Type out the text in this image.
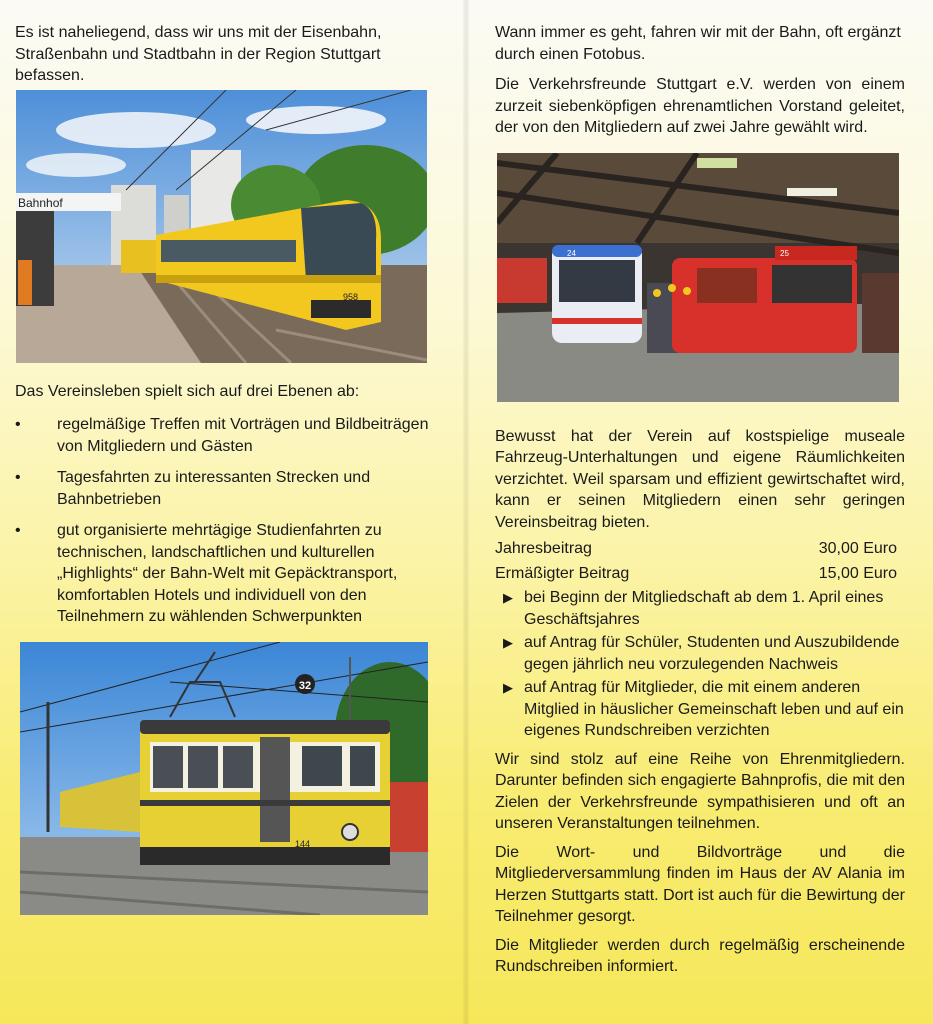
Es ist naheliegend, dass wir uns mit der Eisenbahn, Straßenbahn und Stadtbahn in der Region Stuttgart befassen.

Das Vereinsleben spielt sich auf drei Ebenen ab:

• regelmäßige Treffen mit Vorträgen und Bildbeiträgen von Mitgliedern und Gästen
• Tagesfahrten zu interessanten Strecken und Bahnbetrieben
• gut organisierte mehrtägige Studienfahrten zu technischen, landschaftlichen und kulturellen „Highlights“ der Bahn-Welt mit Gepäcktransport, komfortablen Hotels und individuell von den Teilnehmern zu wählenden Schwerpunkten
Bahnhof
958
32
144

Wann immer es geht, fahren wir mit der Bahn, oft ergänzt durch einen Fotobus.

Die Verkehrsfreunde Stuttgart e.V. werden von einem zurzeit siebenköpfigen ehrenamtlichen Vorstand geleitet, der von den Mitgliedern auf zwei Jahre gewählt wird.

Bewusst hat der Verein auf kostspielige museale Fahrzeug-Unterhaltungen und eigene Räumlichkeiten verzichtet. Weil sparsam und effizient gewirtschaftet wird, kann er seinen Mitgliedern einen sehr geringen Vereinsbeitrag bieten.

Jahresbeitrag	30,00 Euro
Ermäßigter Beitrag	15,00 Euro
▶ bei Beginn der Mitgliedschaft ab dem 1. April eines Geschäftsjahres
▶ auf Antrag für Schüler, Studenten und Auszubildende gegen jährlich neu vorzulegenden Nachweis
▶ auf Antrag für Mitglieder, die mit einem anderen Mitglied in häuslicher Gemeinschaft leben und auf ein eigenes Rundschreiben verzichten

Wir sind stolz auf eine Reihe von Ehrenmitgliedern. Darunter befinden sich engagierte Bahnprofis, die mit den Zielen der Verkehrsfreunde sympathisieren und oft an unseren Veranstaltungen teilnehmen.

Die Wort- und Bildvorträge und die Mitgliederversammlung finden im Haus der AV Alania im Herzen Stuttgarts statt. Dort ist auch für die Bewirtung der Teilnehmer gesorgt.

Die Mitglieder werden durch regelmäßig erscheinende Rundschreiben informiert.

24	25
